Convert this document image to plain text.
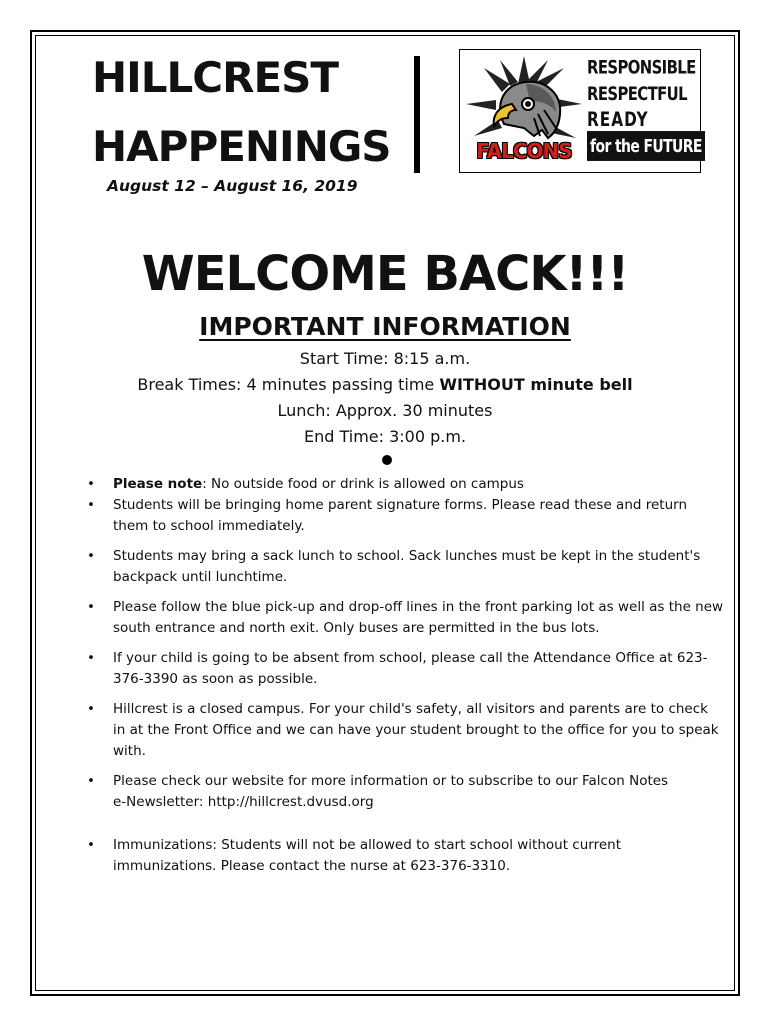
HILLCREST
HAPPENINGS
August 12 – August 16, 2019
FALCONS
RESPONSIBLE
RESPECTFUL
READY
for the FUTURE
WELCOME BACK!!!
IMPORTANT INFORMATION
Start Time: 8:15 a.m.
Break Times: 4 minutes passing time WITHOUT minute bell
Lunch: Approx. 30 minutes
End Time: 3:00 p.m.
• Please note: No outside food or drink is allowed on campus
• Students will be bringing home parent signature forms. Please read these and return them to school immediately.
• Students may bring a sack lunch to school. Sack lunches must be kept in the student's backpack until lunchtime.
• Please follow the blue pick-up and drop-off lines in the front parking lot as well as the new south entrance and north exit. Only buses are permitted in the bus lots.
• If your child is going to be absent from school, please call the Attendance Office at 623-376-3390 as soon as possible.
• Hillcrest is a closed campus. For your child's safety, all visitors and parents are to check in at the Front Office and we can have your student brought to the office for you to speak with.
• Please check our website for more information or to subscribe to our Falcon Notes
e-Newsletter: http://hillcrest.dvusd.org
• Immunizations: Students will not be allowed to start school without current immunizations. Please contact the nurse at 623-376-3310.
